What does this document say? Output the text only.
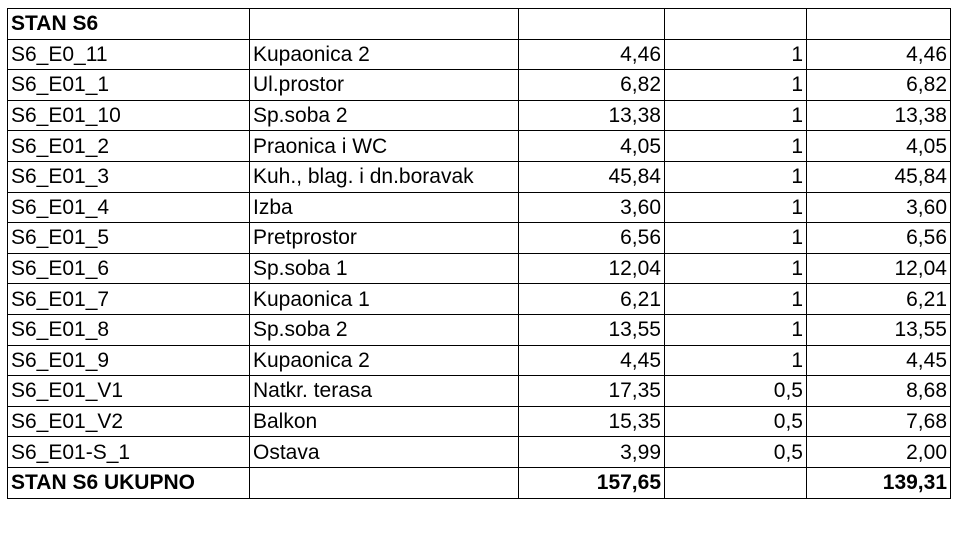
STAN S6				
S6_E0_11	Kupaonica 2	4,46	1	4,46
S6_E01_1	Ul.prostor	6,82	1	6,82
S6_E01_10	Sp.soba 2	13,38	1	13,38
S6_E01_2	Praonica i WC	4,05	1	4,05
S6_E01_3	Kuh., blag. i dn.boravak	45,84	1	45,84
S6_E01_4	Izba	3,60	1	3,60
S6_E01_5	Pretprostor	6,56	1	6,56
S6_E01_6	Sp.soba 1	12,04	1	12,04
S6_E01_7	Kupaonica 1	6,21	1	6,21
S6_E01_8	Sp.soba 2	13,55	1	13,55
S6_E01_9	Kupaonica 2	4,45	1	4,45
S6_E01_V1	Natkr. terasa	17,35	0,5	8,68
S6_E01_V2	Balkon	15,35	0,5	7,68
S6_E01-S_1	Ostava	3,99	0,5	2,00
STAN S6 UKUPNO		157,65		139,31
